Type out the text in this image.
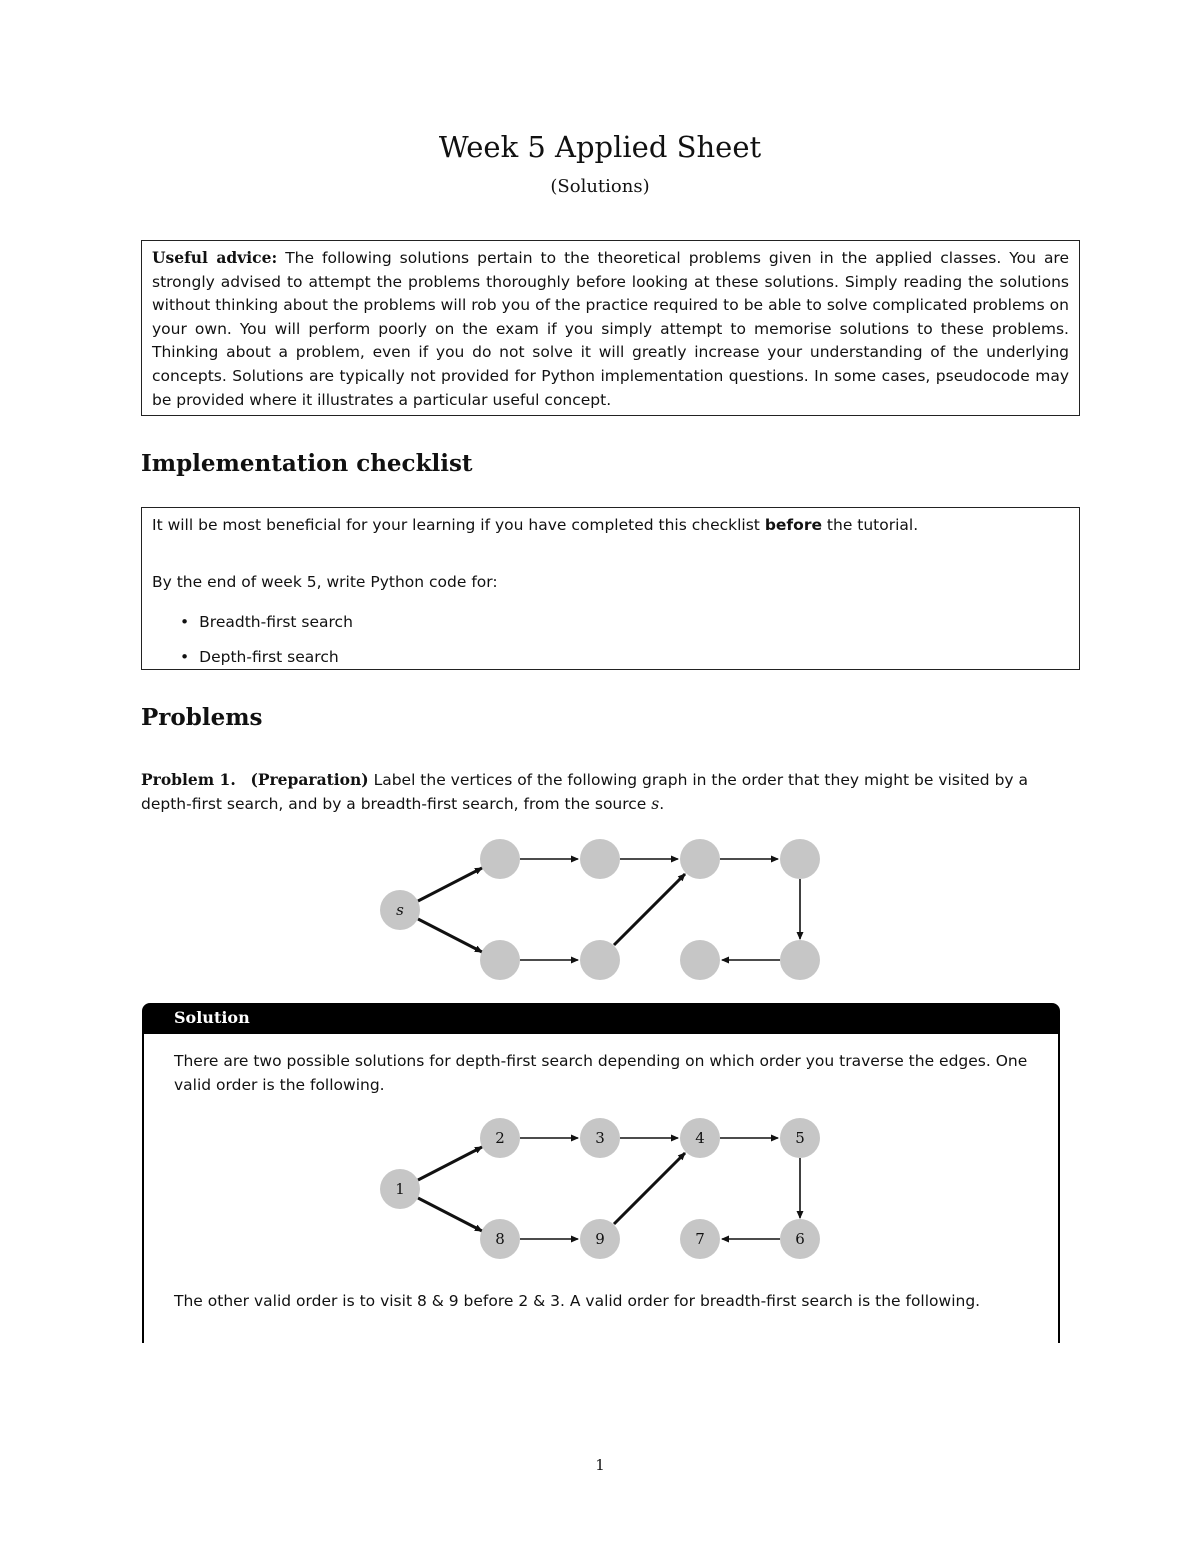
Week 5 Applied Sheet
(Solutions)
Useful advice: The following solutions pertain to the theoretical problems given in the applied classes. You are strongly advised to attempt the problems thoroughly before looking at these solutions. Simply reading the solutions without thinking about the problems will rob you of the practice required to be able to solve complicated problems on your own. You will perform poorly on the exam if you simply attempt to memorise solutions to these problems. Thinking about a problem, even if you do not solve it will greatly increase your understanding of the underlying concepts. Solutions are typically not provided for Python implementation questions. In some cases, pseudocode may be provided where it illustrates a particular useful concept.
Implementation checklist

It will be most beneficial for your learning if you have completed this checklist before the tutorial.

By the end of week 5, write Python code for:

• Breadth-first search
• Depth-first search
Problems
Problem 1. (Preparation) Label the vertices of the following graph in the order that they might be visited by a depth-first search, and by a breadth-first search, from the source s.
s
Solution
There are two possible solutions for depth-first search depending on which order you traverse the edges. One valid order is the following.
The other valid order is to visit 8 & 9 before 2 & 3. A valid order for breadth-first search is the following.
1
2	3	4	5
6
7
8	9
1
